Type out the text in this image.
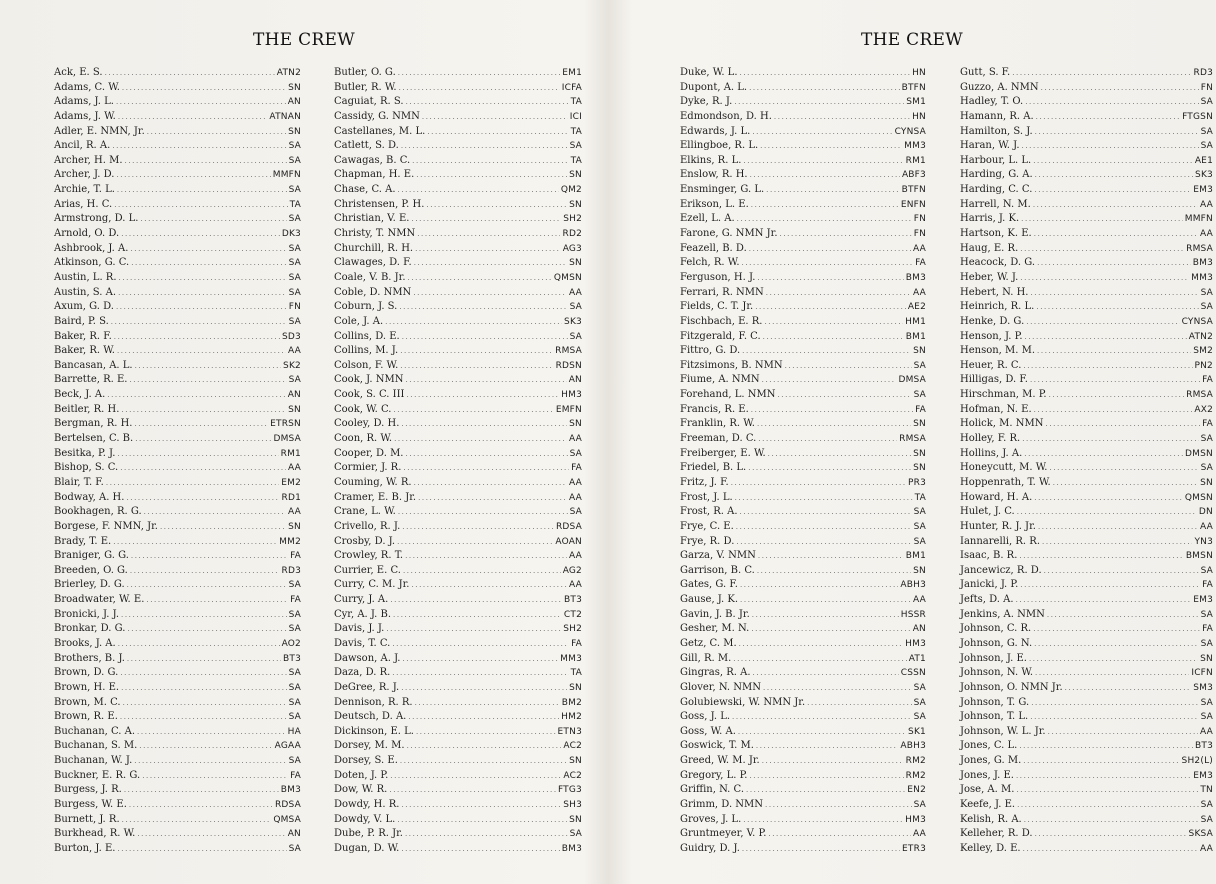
THE CREW
Ack, E. S. .....	ATN2
Adams, C. W. .....	SN
Adams, J. L. .....	AN
Adams, J. W. .....	ATNAN
Adler, E. NMN, Jr. .....	SN
Ancil, R. A. .....	SA
Archer, H. M. .....	SA
Archer, J. D. .....	MMFN
Archie, T. L. .....	SA
Arias, H. C. .....	TA
Armstrong, D. L. .....	SA
Arnold, O. D. .....	DK3
Ashbrook, J. A. .....	SA
Atkinson, G. C. .....	SA
Austin, L. R. .....	SA
Austin, S. A. .....	SA
Axum, G. D. .....	FN
Baird, P. S. .....	SA
Baker, R. F. .....	SD3
Baker, R. W. .....	AA
Bancasan, A. L. .....	SK2
Barrette, R. E. .....	SA
Beck, J. A. .....	AN
Beitler, R. H. .....	SN
Bergman, R. H. .....	ETRSN
Bertelsen, C. B. .....	DMSA
Besitka, P. J. .....	RM1
Bishop, S. C. .....	AA
Blair, T. F. .....	EM2
Bodway, A. H. .....	RD1
Bookhagen, R. G. .....	AA
Borgese, F. NMN, Jr. .....	SN
Brady, T. E. .....	MM2
Braniger, G. G. .....	FA
Breeden, O. G. .....	RD3
Brierley, D. G. .....	SA
Broadwater, W. E. .....	FA
Bronicki, J. J. .....	SA
Bronkar, D. G. .....	SA
Brooks, J. A. .....	AO2
Brothers, B. J. .....	BT3
Brown, D. G. .....	SA
Brown, H. E. .....	SA
Brown, M. C. .....	SA
Brown, R. E. .....	SA
Buchanan, C. A. .....	HA
Buchanan, S. M. .....	AGAA
Buchanan, W. J. .....	SA
Buckner, E. R. G. .....	FA
Burgess, J. R. .....	BM3
Burgess, W. E. .....	RDSA
Burnett, J. R. .....	QMSA
Burkhead, R. W. .....	AN
Burton, J. E. .....	SA
Butler, O. G. .....	EM1
Butler, R. W. .....	ICFA
Caguiat, R. S. .....	TA
Cassidy, G. NMN .....	ICI
Castellanes, M. L. .....	TA
Catlett, S. D. .....	SA
Cawagas, B. C. .....	TA
Chapman, H. E. .....	SN
Chase, C. A. .....	QM2
Christensen, P. H. .....	SN
Christian, V. E. .....	SH2
Christy, T. NMN .....	RD2
Churchill, R. H. .....	AG3
Clawages, D. F. .....	SN
Coale, V. B. Jr. .....	QMSN
Coble, D. NMN .....	AA
Coburn, J. S. .....	SA
Cole, J. A. .....	SK3
Collins, D. E. .....	SA
Collins, M. J. .....	RMSA
Colson, F. W. .....	RDSN
Cook, J. NMN .....	AN
Cook, S. C. III .....	HM3
Cook, W. C. .....	EMFN
Cooley, D. H. .....	SN
Coon, R. W. .....	AA
Cooper, D. M. .....	SA
Cormier, J. R. .....	FA
Couming, W. R. .....	AA
Cramer, E. B. Jr. .....	AA
Crane, L. W. .....	SA
Crivello, R. J. .....	RDSA
Crosby, D. J. .....	AOAN
Crowley, R. T. .....	AA
Currier, E. C. .....	AG2
Curry, C. M. Jr. .....	AA
Curry, J. A. .....	BT3
Cyr, A. J. B. .....	CT2
Davis, J. J. .....	SH2
Davis, T. C. .....	FA
Dawson, A. J. .....	MM3
Daza, D. R. .....	TA
DeGree, R. J. .....	SN
Dennison, R. R. .....	BM2
Deutsch, D. A. .....	HM2
Dickinson, E. L. .....	ETN3
Dorsey, M. M. .....	AC2
Dorsey, S. E. .....	SN
Doten, J. P. .....	AC2
Dow, W. R. .....	FTG3
Dowdy, H. R. .....	SH3
Dowdy, V. L. .....	SN
Dube, P. R. Jr. .....	SA
Dugan, D. W. .....	BM3
THE CREW
Duke, W. L. .....	HN
Dupont, A. L. .....	BTFN
Dyke, R. J. .....	SM1
Edmondson, D. H. .....	HN
Edwards, J. L. .....	CYNSA
Ellingboe, R. L. .....	MM3
Elkins, R. L. .....	RM1
Enslow, R. H. .....	ABF3
Ensminger, G. L. .....	BTFN
Erikson, L. E. .....	ENFN
Ezell, L. A. .....	FN
Farone, G. NMN Jr. .....	FN
Feazell, B. D. .....	AA
Felch, R. W. .....	FA
Ferguson, H. J. .....	BM3
Ferrari, R. NMN .....	AA
Fields, C. T. Jr. .....	AE2
Fischbach, E. R. .....	HM1
Fitzgerald, F. C. .....	BM1
Fittro, G. D. .....	SN
Fitzsimons, B. NMN .....	SA
Fiume, A. NMN .....	DMSA
Forehand, L. NMN .....	SA
Francis, R. E. .....	FA
Franklin, R. W. .....	SN
Freeman, D. C. .....	RMSA
Freiberger, E. W. .....	SN
Friedel, B. L. .....	SN
Fritz, J. F. .....	PR3
Frost, J. L. .....	TA
Frost, R. A. .....	SA
Frye, C. E. .....	SA
Frye, R. D. .....	SA
Garza, V. NMN .....	BM1
Garrison, B. C. .....	SN
Gates, G. F. .....	ABH3
Gause, J. K. .....	AA
Gavin, J. B. Jr. .....	HSSR
Gesher, M. N. .....	AN
Getz, C. M. .....	HM3
Gill, R. M. .....	AT1
Gingras, R. A. .....	CSSN
Glover, N. NMN .....	SA
Golubiewski, W. NMN Jr. .....	SA
Goss, J. L. .....	SA
Goss, W. A. .....	SK1
Goswick, T. M. .....	ABH3
Greed, W. M. Jr. .....	RM2
Gregory, L. P. .....	RM2
Griffin, N. C. .....	EN2
Grimm, D. NMN .....	SA
Groves, J. L. .....	HM3
Gruntmeyer, V. P. .....	AA
Guidry, D. J. .....	ETR3
Gutt, S. F. .....	RD3
Guzzo, A. NMN .....	FN
Hadley, T. O. .....	SA
Hamann, R. A. .....	FTGSN
Hamilton, S. J. .....	SA
Haran, W. J. .....	SA
Harbour, L. L. .....	AE1
Harding, G. A. .....	SK3
Harding, C. C. .....	EM3
Harrell, N. M. .....	AA
Harris, J. K. .....	MMFN
Hartson, K. E. .....	AA
Haug, E. R. .....	RMSA
Heacock, D. G. .....	BM3
Heber, W. J. .....	MM3
Hebert, N. H. .....	SA
Heinrich, R. L. .....	SA
Henke, D. G. .....	CYNSA
Henson, J. P. .....	ATN2
Henson, M. M. .....	SM2
Heuer, R. C. .....	PN2
Hilligas, D. F. .....	FA
Hirschman, M. P. .....	RMSA
Hofman, N. E. .....	AX2
Holick, M. NMN .....	FA
Holley, F. R. .....	SA
Hollins, J. A. .....	DMSN
Honeycutt, M. W. .....	SA
Hoppenrath, T. W. .....	SN
Howard, H. A. .....	QMSN
Hulet, J. C. .....	DN
Hunter, R. J. Jr. .....	AA
Iannarelli, R. R. .....	YN3
Isaac, B. R. .....	BMSN
Jancewicz, R. D. .....	SA
Janicki, J. P. .....	FA
Jefts, D. A. .....	EM3
Jenkins, A. NMN .....	SA
Johnson, C. R. .....	FA
Johnson, G. N. .....	SA
Johnson, J. E. .....	SN
Johnson, N. W. .....	ICFN
Johnson, O. NMN Jr. .....	SM3
Johnson, T. G. .....	SA
Johnson, T. L. .....	SA
Johnson, W. L. Jr. .....	AA
Jones, C. L. .....	BT3
Jones, G. M. .....	SH2(L)
Jones, J. E. .....	EM3
Jose, A. M. .....	TN
Keefe, J. E. .....	SA
Kelish, R. A. .....	SA
Kelleher, R. D. .....	SKSA
Kelley, D. E. .....	AA
